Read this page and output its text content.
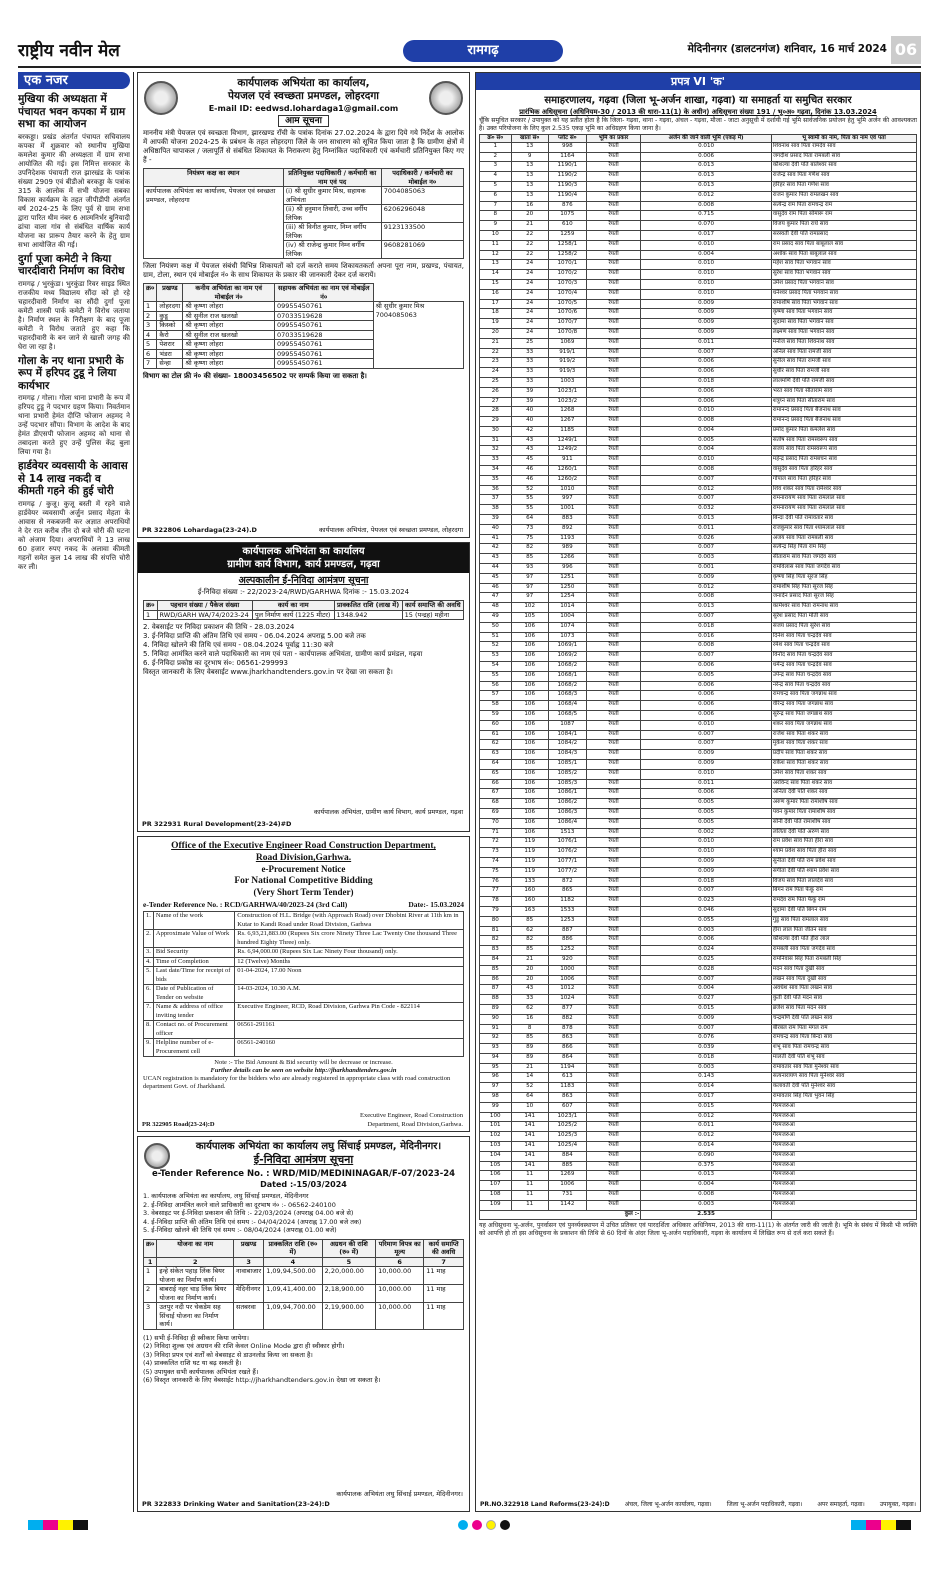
राष्ट्रीय नवीन मेल	रामगढ़	मेदिनीनगर (डालटनगंज) शनिवार, 16 मार्च 2024 06
एक नजर
मुखिया की अध्यक्षता में पंचायत भवन कपका में ग्राम सभा का आयोजन

बरकड्डा। प्रखंड अंतर्गत पंचायत सचिवालय कपका में शुक्रवार को स्थानीय मुखिया कमलेश कुमार की अध्यक्षता में ग्राम सभा आयोजित की गई। इस निमित्त सरकार के उपनिदेशक पंचायती राज झारखंड के पत्रांक संख्या 2909 एवं बीडीओ बरकड्डा के पत्रांक 315 के आलोक में सभी योजना सबका विकास कार्यक्रम के तहत जीपीडीपी अंतर्गत वर्ष 2024-25 के लिए पूर्व से ग्राम सभा द्वारा पारित थीम नंबर 6 आत्मनिर्भर बुनियादी ढांचा वाला गांव से संबंधित वार्षिक कार्य योजना का प्रारूप तैयार करने के हेतु ग्राम सभा आयोजित की गई।

दुर्गा पूजा कमेटी ने किया चारदीवारी निर्माण का विरोध

रामगढ़ / भुरकुंडा। भुरकुंडा रिवर साइड स्थित राजकीय मध्य विद्यालय सौंदा को हो रहे चहारदीवारी निर्माण का सौंदी दुर्गा पूजा कमेटी शास्त्री पार्क कमेटी ने विरोध जताया है। निर्माण स्थल के निरीक्षण के बाद पूजा कमेटी ने विरोध जताते हुए कहा कि चहारदीवारी के बन जाने से खाली जगह की घेरा जा रहा है।

गोला के नए थाना प्रभारी के रूप में हरिपद टुडू ने लिया कार्यभार

रामगढ़ / गोला। गोला थाना प्रभारी के रूप में हरिपद टुडू ने पदभार ग्रहण किया। निवर्तमान थाना प्रभारी हेमंत दीप्ति फोजान अहमद ने उन्हें पदभार सौंपा। विभाग के आदेश के बाद हेमंत डीएसपी फोजान अहमद को थाना से तबादला करते हुए उन्हें पुलिस केंद्र बुला लिया गया है।

हार्डवेयर व्यवसायी के आवास से 14 लाख नकदी व कीमती गहने की हुई चोरी

रामगढ़ / कुजू। कुजू बस्ती में रहने वाले हार्डवेयर व्यवसायी अर्जुन प्रसाद मेहता के आवास से नकबजनी कर अज्ञात अपराधियों ने देर रात करीब तीन दो बजे चोरी की घटना को अंजाम दिया। अपराधियों ने 13 लाख 60 हजार रुपए नकद के अलावा कीमती गहनों समेत कुल 14 लाख की संपत्ति चोरी कर ली।

कार्यपालक अभियंता का कार्यालय,
पेयजल एवं स्वच्छता प्रमण्डल, लोहरदगा
E-mail ID: eedwsd.lohardaga1@gmail.com
आम सूचना
माननीय मंत्री पेयजल एवं स्वच्छता विभाग, झारखण्ड राँची के पत्रांक दिनांक 27.02.2024 के द्वारा दिये गये निर्देश के आलोक में आपकी योजना 2024-25 के प्रबंधन के तहत लोहरदगा जिले के जन साधारण को सूचित किया जाता है कि ग्रामीण क्षेत्रों में अधिष्ठापित चापाकल / जलापूर्ति से संबंधित शिकायत के निराकरण हेतु निम्नांकित पदाधिकारी एवं कर्मचारी प्रतिनियुक्त किए गए हैं -
नियंत्रण कक्ष का स्थान	प्रतिनियुक्त पदाधिकारी / कर्मचारी का नाम एवं पद	पदाधिकारी / कर्मचारी का मोबाईल न०
कार्यपालक अभियंता का कार्यालय, पेयजल एवं स्वच्छता प्रमण्डल, लोहरदगा	(i) श्री सुधीर कुमार मिश्र, सहायक अभियंता	7004085063
	(ii) श्री हनुमान तिवारी, उच्च वर्गीय लिपिक	6206296048
	(iii) श्री विनीत कुमार, निम्न वर्गीय लिपिक	9123133500
	(iv) श्री राजेन्द्र कुमार निम्न वर्गीय लिपिक	9608281069
जिला नियंत्रण कक्ष में पेयजल संबंधी विभिन्न शिकायतों को दर्ज कराते समय शिकायतकर्ता अपना पूरा नाम, प्रखण्ड, पंचायत, ग्राम, टोला, स्थान एवं मोबाईल नं० के साथ शिकायत के प्रकार की जानकारी देकर दर्ज करायें।
क्र०	प्रखण्ड	कनीय अभियंता का नाम एवं मोबाईल नं०	सहायक अभियंता का नाम एवं मोबाईल नं०	
1	लोहरदगा	श्री कृष्णा लोहरा	09955450761	श्री सुधीर कुमार मिश्र 7004085063
2	कुडू	श्री सुनील राज खलखो	07033519628	
3	किस्को	श्री कृष्णा लोहरा	09955450761	
4	कैरो	श्री सुनील राज खलखो	07033519628	
5	पेशरार	श्री कृष्णा लोहरा	09955450761	
6	भंडरा	श्री कृष्णा लोहरा	09955450761	
7	सेन्हा	श्री कृष्णा लोहरा	09955450761	
विभाग का टोल फ्री नं० की संख्या- 18003456502 पर सम्पर्क किया जा सकता है।
PR 322806 Lohardaga(23-24).D	कार्यपालक अभियंता, पेयजल एवं स्वच्छता प्रमण्डल, लोहरदगा
कार्यपालक अभियंता का कार्यालय
ग्रामीण कार्य विभाग, कार्य प्रमण्डल, गढ़वा
अल्पकालीन ई-निविदा आमंत्रण सूचना
ई-निविदा संख्या :- 22/2023-24/RWD/GARHWA दिनांक :- 15.03.2024
क्र०	पहचान संख्या / पैकेज संख्या	कार्य का नाम	प्राक्कलित राशि (लाख में)	कार्य समाप्ति की अवधि
1	RWD/GARH WA/74/2023-24	पुल निर्माण कार्य (1225 मीटर)	1348.942	15 (पन्द्रह) महीना
2. वेबसाईट पर निविदा प्रकाशन की तिथि - 28.03.2024
3. ई-निविदा प्राप्ति की अंतिम तिथि एवं समय - 06.04.2024 अपराह्न 5.00 बजे तक
4. निविदा खोलने की तिथि एवं समय - 08.04.2024 पूर्वाह्न 11:30 बजे
5. निविदा आमंत्रित करने वाले पदाधिकारी का नाम एवं पता - कार्यपालक अभियंता, ग्रामीण कार्य प्रमंडल, गढ़वा
6. ई-निविदा प्रकोष्ठ का दूरभाष सं०: 06561-299993
विस्तृत जानकारी के लिए वेबसाईट www.jharkhandtenders.gov.in पर देखा जा सकता है।
कार्यपालक अभियंता, ग्रामीण कार्य विभाग, कार्य प्रमण्डल, गढ़वा
PR 322931 Rural Development(23-24)#D
Office of the Executive Engineer Road Construction Department,
Road Division,Garhwa.
e-Procurement Notice
For National Competitive Bidding
(Very Short Term Tender)
e-Tender Reference No. : RCD/GARHWA/40/2023-24 (3rd Call)	Date:- 15.03.2024
1.	Name of the work	Construction of H.L. Bridge (with Approach Road) over Dhobini River at 11th km in Kutar to Kandi Road under Road Division, Garhwa
2.	Approximate Value of Work	Rs. 6,93,21,883.00 (Rupees Six crore Ninety Three Lac Twenty One thousand Three hundred Eighty Three) only.
3.	Bid Security	Rs. 6,94,000.00 (Rupees Six Lac Ninety Four thousand) only.
4.	Time of Completion	12 (Twelve) Months
5.	Last date/Time for receipt of bids	01-04-2024, 17.00 Noon
6.	Date of Publication of Tender on website	14-03-2024, 10.30 A.M.
7.	Name & address of office inviting tender	Executive Engineer, RCD, Road Division, Garhwa Pin Code - 822114
8.	Contact no. of Procurement officer	06561-291161
9.	Helpline number of e-Procurement cell	06561-240160
Note :- The Bid Amount & Bid security will be decrease or increase.
Further details can be seen on website http://jharkhandtenders.gov.in
UCAN registration is mandatory for the bidders who are already registered in appropriate class with road construction department Govt. of Jharkhand.
Executive Engineer, Road Construction Department, Road Division,Garhwa.
PR 322905 Road(23-24):D
कार्यपालक अभियंता का कार्यालय लघु सिंचाई प्रमण्डल, मेदिनीनगर।
ई-निविदा आमंत्रण सूचना
e-Tender Reference No. : WRD/MID/MEDININAGAR/F-07/2023-24
Dated :-15/03/2024
1. कार्यपालक अभियंता का कार्यालय, लघु सिंचाई प्रमण्डल, मेदिनीनगर
2. ई-निविदा आमंत्रित करने वाले प्राधिकारी का दूरभाष नं० :- 06562-240100
3. वेबसाइट पर ई-निविदा प्रकाशन की तिथि :- 22/03/2024 (अपराह्न 04.00 बजे से)
4. ई-निविदा प्राप्ति की अंतिम तिथि एवं समय :- 04/04/2024 (अपराह्न 17.00 बजे तक)
5. ई-निविदा खोलने की तिथि एवं समय :- 08/04/2024 (अपराह्न 01.00 बजे)
क्र०	योजना का नाम	प्रखण्ड	प्राक्कलित राशि (रु० में)	अग्रधन की राशि (रु० में)	परिमाण विपत्र का मूल्य	कार्य समाप्ति की अवधि
1	2	3	4	5	6	7
1	इन्हे संकेत पहाड़ लिंक बियर योजना का निर्माण कार्य।	नावाबाजार	1,09,94,500.00	2,20,000.00	10,000.00	11 माह
2	बाबराई नहर चाड़ लिंक बियर योजना का निर्माण कार्य।	मेदिनीनगर	1,09,41,400.00	2,18,900.00	10,000.00	11 माह
3	उतपुर नदी पर चेकडेम सह सिंचाई योजना का निर्माण कार्य।	सतबरवा	1,09,94,700.00	2,19,900.00	10,000.00	11 माह
(1) सभी ई-निविदा ही स्वीकार किया जायेगा।
(2) निविदा शुल्क एवं अग्रधन की राशि केवल Online Mode द्वारा ही स्वीकार होगी।
(3) निविदा प्रपत्र एवं शर्तों को वेबसाइट से डाउनलोड किया जा सकता है।
(4) प्राक्कलित राशि घट या बढ़ सकती है।
(5) उपायुक्त सभी कार्यपालक अभियंता रखते हैं।
(6) विस्तृत जानकारी के लिए वेबसाईट http://jharkhandtenders.gov.in देखा जा सकता है।
कार्यपालक अभियंता लघु सिंचाई प्रमण्डल, मेदिनीनगर।
PR 322833 Drinking Water and Sanitation(23-24):D
प्रपत्र VI 'क'
समाहरणालय, गढ़वा (जिला भू-अर्जन शाखा, गढ़वा) या समाहर्ता या समुचित सरकार
प्रारंभिक अधिसूचना (अधिनियम-30 / 2013 की धारा-11(1) के अधीन) अधिसूचना संख्या 191 / भू०अ० गढ़वा, दिनांक 13.03.2024
चूँकि समुचित सरकार / उपायुक्त को यह प्रतीत होता है कि जिला- गढ़वा, थाना - गढ़वा, अंचल - गढ़वा, मौजा - जाटा अनुसूची में दर्शायी गई भूमि सार्वजनिक प्रयोजन हेतु भूमि अर्जन की आवश्यकता है। उक्त परियोजना के लिए कुल 2.535 एकड़ भूमि का अधिग्रहण किया जाना है।
क्र० सं०	खाता सं०	प्लॉट सं०	भूमि का प्रकार	अर्जन की जाने वाली भूमि (एकड़ में)	भू स्वामी का नाम, पिता का नाम एवं पता
1	13	998	रैयती	0.010	शिवनाथ साव पिता रामदेव साव
2	9	1164	रैयती	0.006	जगदीश प्रसाद पिता रामबली साव
3	13	1190/1	रैयती	0.013	कौशल्या देवी पति बालेश्वर साव
4	13	1190/2	रैयती	0.013	राजेन्द्र साव पिता गणेश साव
5	13	1190/3	रैयती	0.013	हरिहर साव पिता गणेश साव
6	13	1190/4	रैयती	0.012	राजन कुमार पिता रामलखन साव
7	16	876	रैयती	0.008	सत्येन्द्र राम पिता रामचन्द्र राम
8	20	1075	रैयती	0.715	वासुदेव राम पिता सोमारू राम
9	21	610	रैयती	0.070	विजय कुमार पिता राधे साव
10	22	1259	रैयती	0.017	सरस्वती देवी पति रामप्रसाद
11	22	1258/1	रैयती	0.010	राम प्रसाद साव पिता बाबूलाल साव
12	22	1258/2	रैयती	0.004	अशोक साव पिता बाबूलाल साव
13	24	1070/1	रैयती	0.010	महेश साव पिता भगवान साव
14	24	1070/2	रैयती	0.010	सुरेश साव पिता भगवान साव
15	24	1070/3	रैयती	0.010	उमेश प्रसाद पिता भगवान साव
16	24	1070/4	रैयती	0.010	धनेश्वर प्रसाद पिता भगवान साव
17	24	1070/5	रैयती	0.009	रामाशीष साव पिता भगवान साव
18	24	1070/6	रैयती	0.009	कृष्णा साव पिता भगवान साव
19	24	1070/7	रैयती	0.009	सुदामा साव पिता भगवान साव
20	24	1070/8	रैयती	0.009	लक्ष्मण साव पिता भगवान साव
21	25	1069	रैयती	0.011	मनोज साव पिता शिवनाथ साव
22	33	919/1	रैयती	0.007	अनिल साव पिता रामजी साव
23	33	919/2	रैयती	0.006	सुनील साव पिता रामजी साव
24	33	919/3	रैयती	0.006	सुधीर साव पिता रामजी साव
25	33	1003	रैयती	0.018	लालमणि देवी पति रामजी साव
26	39	1023/1	रैयती	0.006	भरत साव पिता सीताराम साव
27	39	1023/2	रैयती	0.006	शत्रुघ्न साव पिता सीताराम साव
28	40	1268	रैयती	0.010	रामानन्द प्रसाद पिता बैजनाथ साव
29	40	1267	रैयती	0.008	रामानन्द प्रसाद पिता बैजनाथ साव
30	42	1185	रैयती	0.004	प्रमोद कुमार पिता कमलेश साव
31	43	1249/1	रैयती	0.005	संतोष साव पिता रामस्वरूप साव
32	43	1249/2	रैयती	0.004	संजय साव पिता रामस्वरूप साव
33	45	911	रैयती	0.010	महेन्द्र प्रसाद पिता रामबचन साव
34	46	1260/1	रैयती	0.008	वासुदेव साव पिता हरिहर साव
35	46	1260/2	रैयती	0.007	गोपाल साव पिता हरिहर साव
36	52	1010	रैयती	0.012	शिव शंकर साव पिता रामेश्वर साव
37	55	997	रैयती	0.007	रामनारायण साव पिता रामलाल साव
38	55	1001	रैयती	0.032	रामनारायण साव पिता रामलाल साव
39	64	883	रैयती	0.013	बिन्दा देवी पति रामावतार साव
40	73	892	रैयती	0.011	राजकुमार साव पिता श्यामलाल साव
41	75	1193	रैयती	0.026	अजय साव पिता रामबली साव
42	82	989	रैयती	0.007	सत्येन्द्र सिंह पिता राम सिंह
43	85	1266	रैयती	0.003	सीताराम साव पिता जगदेव साव
44	93	996	रैयती	0.001	रामविलास साव पिता जगदेव साव
45	97	1251	रैयती	0.009	कृष्णा सिंह पिता सूरज सिंह
46	97	1250	रैयती	0.012	रामाशीष सिंह पिता सूरज सिंह
47	97	1254	रैयती	0.008	जनार्दन प्रसाद पिता सूरज सिंह
48	102	1014	रैयती	0.013	कामेश्वर साव पिता रामनाथ साव
49	105	1004	रैयती	0.007	सुरेश प्रसाद पिता मोती साव
50	106	1074	रैयती	0.018	संजय प्रसाद पिता सुरेश साव
51	106	1073	रैयती	0.016	दिनेश साव पिता चन्द्रदेव साव
52	106	1069/1	रैयती	0.008	रमेश साव पिता चन्द्रदेव साव
53	106	1069/2	रैयती	0.007	विनोद साव पिता चन्द्रदेव साव
54	106	1068/2	रैयती	0.006	धर्मेन्द्र साव पिता चन्द्रदेव साव
55	106	1068/1	रैयती	0.005	उपेन्द्र साव पिता चन्द्रदेव साव
56	106	1068/2	रैयती	0.006	नरेन्द्र साव पिता चन्द्रदेव साव
57	106	1068/3	रैयती	0.006	रामचन्द्र साव पिता जगन्नाथ साव
58	106	1068/4	रैयती	0.006	वीरेन्द्र साव पिता जगन्नाथ साव
59	106	1068/5	रैयती	0.006	सुरेन्द्र साव पिता जगन्नाथ साव
60	106	1087	रैयती	0.010	शंकर साव पिता जगन्नाथ साव
61	106	1084/1	रैयती	0.007	राजेश साव पिता शंकर साव
62	106	1084/2	रैयती	0.007	मुकेश साव पिता शंकर साव
63	106	1084/3	रैयती	0.009	प्रदीप साव पिता शंकर साव
64	106	1085/1	रैयती	0.009	राकेश साव पिता शंकर साव
65	106	1085/2	रैयती	0.010	उमेश साव पिता शंकर साव
66	106	1085/3	रैयती	0.011	अरविन्द साव पिता शंकर साव
67	106	1086/1	रैयती	0.006	अनिता देवी पति शंकर साव
68	106	1086/2	रैयती	0.005	अरुण कुमार पिता रामाशीष साव
69	106	1086/3	रैयती	0.005	पवन कुमार पिता रामाशीष साव
70	106	1086/4	रैयती	0.005	सोनी देवी पति रामाशीष साव
71	106	1513	रैयती	0.002	ललिता देवी पति अरुण साव
72	119	1076/1	रैयती	0.010	राम प्रवेश साव पिता हीरा साव
73	119	1076/2	रैयती	0.010	श्याम प्रवेश साव पिता हीरा साव
74	119	1077/1	रैयती	0.009	सुनीता देवी पति राम प्रवेश साव
75	119	1077/2	रैयती	0.009	संगीता देवी पति श्याम प्रवेश साव
76	133	872	रैयती	0.018	विजय साव पिता लालदेव साव
77	160	865	रैयती	0.007	बिगन राम पिता फेकू राम
78	160	1182	रैयती	0.023	रामदेव राम पिता फेकू राम
79	163	1533	रैयती	0.046	सुदामा देवी पति बिगन राम
80	85	1253	रैयती	0.055	गुडु साव पिता रामलाल साव
81	62	887	रैयती	0.003	हीरा लाल पिता जीतन साव
82	82	886	रैयती	0.006	कौशल्या देवी पति हीरा लाल
83	85	1252	रैयती	0.024	रामबली साव पिता जगदेव साव
84	21	920	रैयती	0.025	रामनिवास सिंह पिता रामबली सिंह
85	20	1000	रैयती	0.028	मदन साव पिता दुखी साव
86	20	1006	रैयती	0.007	लखन साव पिता दुखी साव
87	43	1012	रैयती	0.004	अवधेश साव पिता लखन साव
88	33	1024	रैयती	0.027	कुंती देवी पति मदन साव
89	62	877	रैयती	0.015	ब्रजेश साव पिता मदन साव
90	16	882	रैयती	0.009	चन्द्रमणि देवी पति लखन साव
91	8	878	रैयती	0.007	बीरबल राम पिता मंगल राम
92	85	863	रैयती	0.076	रामचन्द्र साव पिता बिन्दा साव
93	89	866	रैयती	0.039	शंभू साव पिता रामचन्द्र साव
94	89	864	रैयती	0.018	मालती देवी पति शंभू साव
95	21	1194	रैयती	0.003	रामावतार साव पिता मुनेश्वर साव
96	14	613	रैयती	0.143	सत्यनारायण साव पिता मुनेश्वर साव
97	52	1183	रैयती	0.014	कलावती देवी पति मुनेश्वर साव
98	64	863	रैयती	0.017	रामावतार सिंह पिता भुवन सिंह
99	10	607	रैयती	0.015	गैरमजरुआ
100	141	1023/1	रैयती	0.012	गैरमजरुआ
101	141	1025/2	रैयती	0.011	गैरमजरुआ
102	141	1025/3	रैयती	0.012	गैरमजरुआ
103	141	1025/4	रैयती	0.014	गैरमजरुआ
104	141	884	रैयती	0.090	गैरमजरुआ
105	141	885	रैयती	0.375	गैरमजरुआ
106	11	1269	रैयती	0.013	गैरमजरुआ
107	11	1006	रैयती	0.004	गैरमजरुआ
108	11	731	रैयती	0.008	गैरमजरुआ
109	11	1142	रैयती	0.003	गैरमजरुआ
कुल :-				2.535	
यह अधिसूचना भू-अर्जन, पुनर्वासन एवं पुनर्व्यवस्थापन में उचित प्रतिकर एवं पारदर्शिता अधिकार अधिनियम, 2013 की धारा-11(1) के अंतर्गत जारी की जाती है। भूमि के संबंध में किसी भी व्यक्ति को आपत्ति हो तो इस अधिसूचना के प्रकाशन की तिथि से 60 दिनों के अंदर जिला भू-अर्जन पदाधिकारी, गढ़वा के कार्यालय में लिखित रूप से दर्ज करा सकते हैं।
PR.NO.322918 Land Reforms(23-24):D	अंचल, जिला भू-अर्जन कार्यालय, गढ़वा।	जिला भू-अर्जन पदाधिकारी, गढ़वा।	अपर समाहर्ता, गढ़वा।	उपायुक्त, गढ़वा।
